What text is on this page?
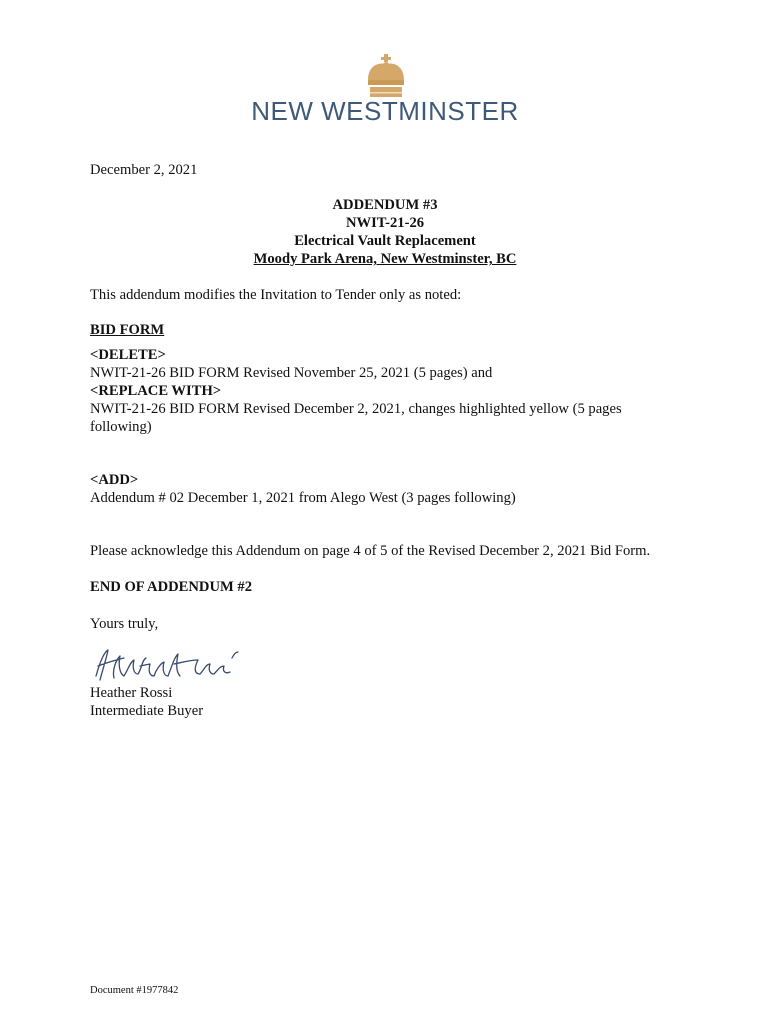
NEW WESTMINSTER
December 2, 2021
ADDENDUM #3
NWIT-21-26
Electrical Vault Replacement
Moody Park Arena, New Westminster, BC
This addendum modifies the Invitation to Tender only as noted:
BID FORM
<DELETE>
NWIT-21-26 BID FORM Revised November 25, 2021 (5 pages) and
<REPLACE WITH>
NWIT-21-26 BID FORM Revised December 2, 2021, changes highlighted yellow (5 pages
following)
<ADD>
Addendum # 02 December 1, 2021 from Alego West (3 pages following)
Please acknowledge this Addendum on page 4 of 5 of the Revised December 2, 2021 Bid Form.
END OF ADDENDUM #2
Yours truly,
Heather Rossi
Intermediate Buyer
Document #1977842
